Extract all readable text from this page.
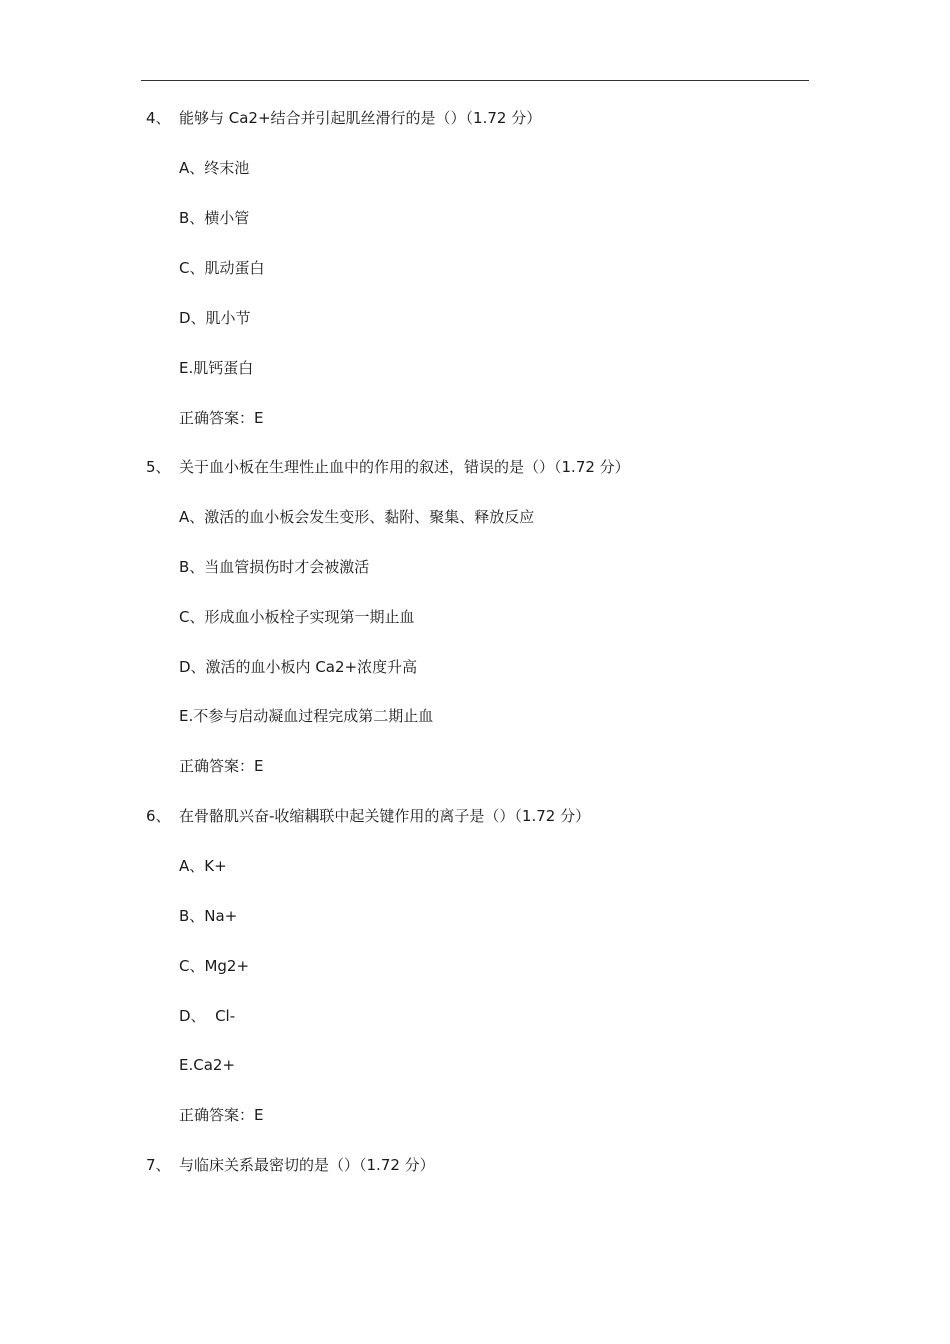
4、 能够与 Ca2+结合并引起肌丝滑行的是（）（1.72 分）
A、终末池
B、横小管
C、肌动蛋白
D、肌小节
E.肌钙蛋白
正确答案：E
5、 关于血小板在生理性止血中的作用的叙述，错误的是（）（1.72 分）
A、激活的血小板会发生变形、黏附、聚集、释放反应
B、当血管损伤时才会被激活
C、形成血小板栓子实现第一期止血
D、激活的血小板内 Ca2+浓度升高
E.不参与启动凝血过程完成第二期止血
正确答案：E
6、 在骨骼肌兴奋-收缩耦联中起关键作用的离子是（）（1.72 分）
A、K+
B、Na+
C、Mg2+
D、  Cl-
E.Ca2+
正确答案：E
7、 与临床关系最密切的是（）（1.72 分）
